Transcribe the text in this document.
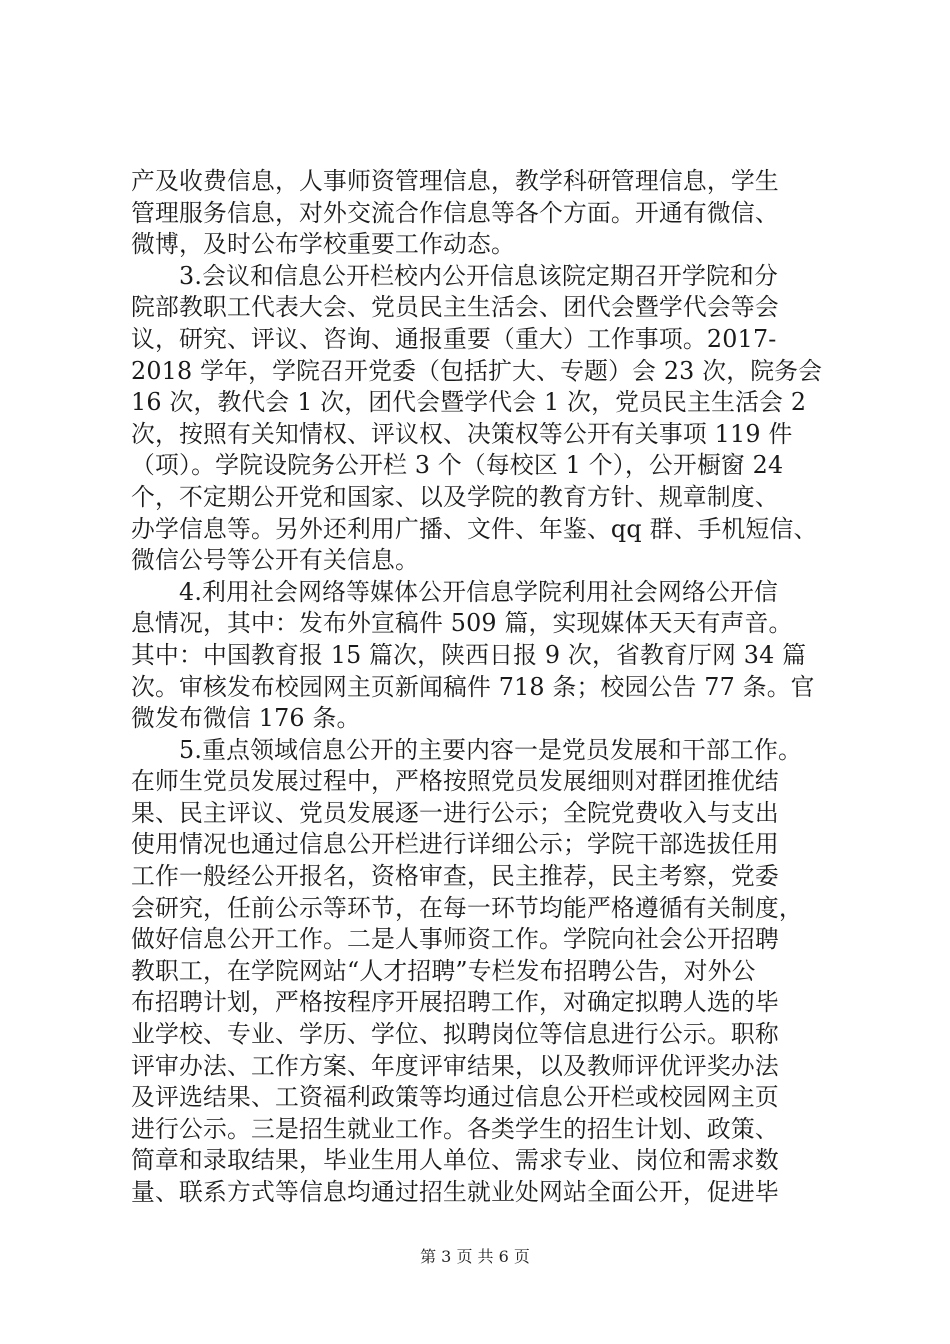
产及收费信息，人事师资管理信息，教学科研管理信息，学生
管理服务信息，对外交流合作信息等各个方面。开通有微信、
微博，及时公布学校重要工作动态。
3.会议和信息公开栏校内公开信息该院定期召开学院和分
院部教职工代表大会、党员民主生活会、团代会暨学代会等会
议，研究、评议、咨询、通报重要（重大）工作事项。2017-
2018 学年，学院召开党委（包括扩大、专题）会 23 次，院务会
16 次，教代会 1 次，团代会暨学代会 1 次，党员民主生活会 2
次，按照有关知情权、评议权、决策权等公开有关事项 119 件
（项）。学院设院务公开栏 3 个（每校区 1 个），公开橱窗 24
个，不定期公开党和国家、以及学院的教育方针、规章制度、
办学信息等。另外还利用广播、文件、年鉴、qq 群、手机短信、
微信公号等公开有关信息。
4.利用社会网络等媒体公开信息学院利用社会网络公开信
息情况，其中：发布外宣稿件 509 篇，实现媒体天天有声音。
其中：中国教育报 15 篇次，陕西日报 9 次，省教育厅网 34 篇
次。审核发布校园网主页新闻稿件 718 条；校园公告 77 条。官
微发布微信 176 条。
5.重点领域信息公开的主要内容一是党员发展和干部工作。
在师生党员发展过程中，严格按照党员发展细则对群团推优结
果、民主评议、党员发展逐一进行公示；全院党费收入与支出
使用情况也通过信息公开栏进行详细公示；学院干部选拔任用
工作一般经公开报名，资格审查，民主推荐，民主考察，党委
会研究，任前公示等环节，在每一环节均能严格遵循有关制度，
做好信息公开工作。二是人事师资工作。学院向社会公开招聘
教职工，在学院网站“人才招聘”专栏发布招聘公告，对外公
布招聘计划，严格按程序开展招聘工作，对确定拟聘人选的毕
业学校、专业、学历、学位、拟聘岗位等信息进行公示。职称
评审办法、工作方案、年度评审结果，以及教师评优评奖办法
及评选结果、工资福利政策等均通过信息公开栏或校园网主页
进行公示。三是招生就业工作。各类学生的招生计划、政策、
简章和录取结果，毕业生用人单位、需求专业、岗位和需求数
量、联系方式等信息均通过招生就业处网站全面公开，促进毕
第 3 页 共 6 页
